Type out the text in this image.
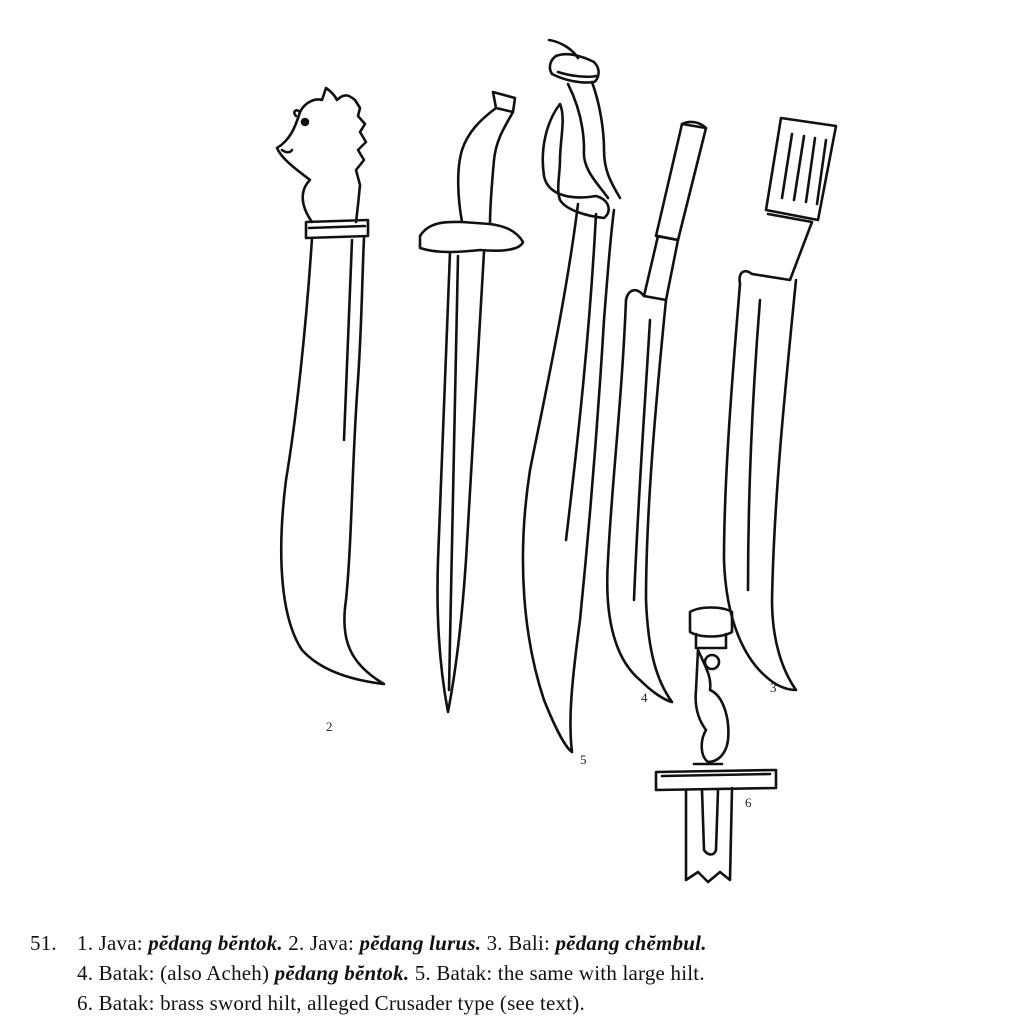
2
5
4
3
6
51. 1. Java: pĕdang bĕntok. 2. Java: pĕdang lurus. 3. Bali: pĕdang chĕmbul.
4. Batak: (also Acheh) pĕdang bĕntok. 5. Batak: the same with large hilt.
6. Batak: brass sword hilt, alleged Crusader type (see text).
